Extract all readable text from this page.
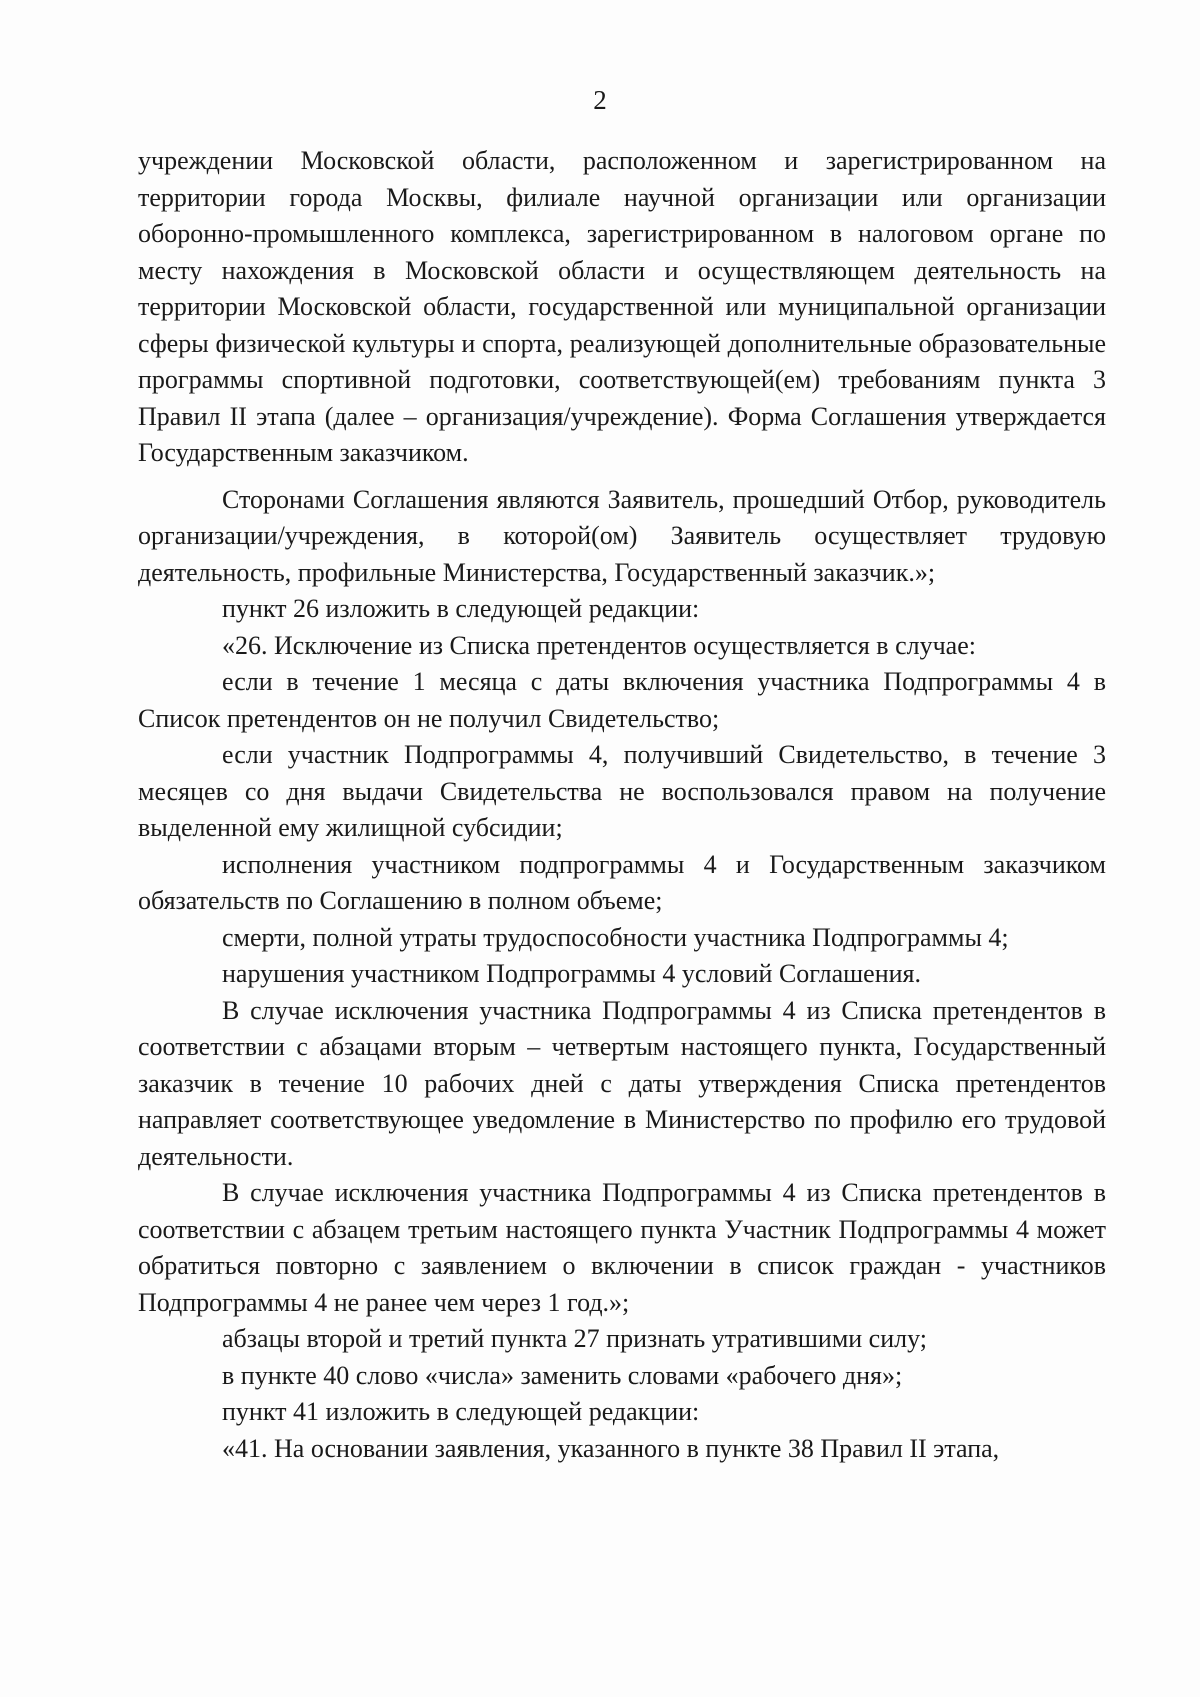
2

учреждении Московской области, расположенном и зарегистрированном на территории города Москвы, филиале научной организации или организации оборонно-промышленного комплекса, зарегистрированном в налоговом органе по месту нахождения в Московской области и осуществляющем деятельность на территории Московской области, государственной или муниципальной организации сферы физической культуры и спорта, реализующей дополнительные образовательные программы спортивной подготовки, соответствующей(ем) требованиям пункта 3 Правил II этапа (далее – организация/учреждение). Форма Соглашения утверждается Государственным заказчиком.

Сторонами Соглашения являются Заявитель, прошедший Отбор, руководитель организации/учреждения, в которой(ом) Заявитель осуществляет трудовую деятельность, профильные Министерства, Государственный заказчик.»;

пункт 26 изложить в следующей редакции:

«26. Исключение из Списка претендентов осуществляется в случае:

если в течение 1 месяца с даты включения участника Подпрограммы 4 в Список претендентов он не получил Свидетельство;

если участник Подпрограммы 4, получивший Свидетельство, в течение 3 месяцев со дня выдачи Свидетельства не воспользовался правом на получение выделенной ему жилищной субсидии;

исполнения участником подпрограммы 4 и Государственным заказчиком обязательств по Соглашению в полном объеме;

смерти, полной утраты трудоспособности участника Подпрограммы 4;

нарушения участником Подпрограммы 4 условий Соглашения.

В случае исключения участника Подпрограммы 4 из Списка претендентов в соответствии с абзацами вторым – четвертым настоящего пункта, Государственный заказчик в течение 10 рабочих дней с даты утверждения Списка претендентов направляет соответствующее уведомление в Министерство по профилю его трудовой деятельности.

В случае исключения участника Подпрограммы 4 из Списка претендентов в соответствии с абзацем третьим настоящего пункта Участник Подпрограммы 4 может обратиться повторно с заявлением о включении в список граждан - участников Подпрограммы 4 не ранее чем через 1 год.»;

абзацы второй и третий пункта 27 признать утратившими силу;

в пункте 40 слово «числа» заменить словами «рабочего дня»;

пункт 41 изложить в следующей редакции:

«41. На основании заявления, указанного в пункте 38 Правил II этапа,
